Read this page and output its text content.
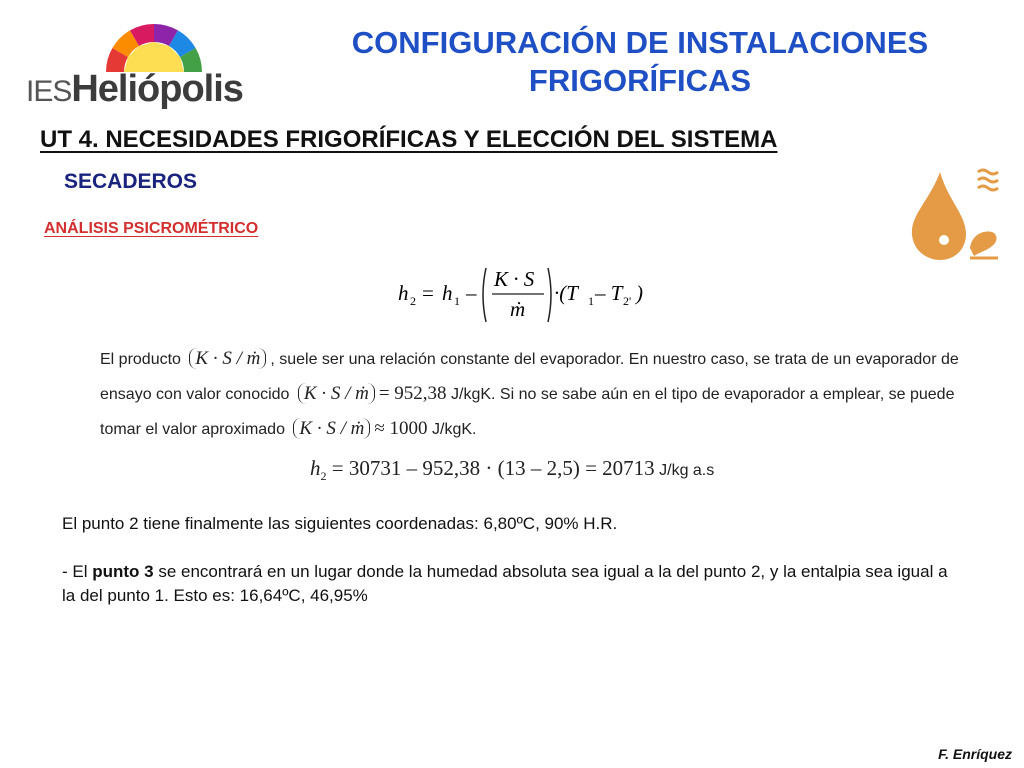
IESHeliópolis
CONFIGURACIÓN DE INSTALACIONES
FRIGORÍFICAS
UT 4. NECESIDADES FRIGORÍFICAS Y ELECCIÓN DEL SISTEMA
SECADEROS
ANÁLISIS PSICROMÉTRICO
h 2 = h 1 –
K · S
ṁ
·(T 1 – T 2' )
El producto K · S / ṁ , suele ser una relación constante del evaporador. En nuestro caso, se trata de un evaporador de ensayo con valor conocido K · S / ṁ = 952,38 J/kgK. Si no se sabe aún en el tipo de evaporador a emplear, se puede tomar el valor aproximado K · S / ṁ ≈ 1000 J/kgK.
$h_2 = 30731 - 952,38 \cdot (13 - 2,5) = 20713$ J/kg a.s
El punto 2 tiene finalmente las siguientes coordenadas: 6,80ºC, 90% H.R.
- El punto 3 se encontrará en un lugar donde la humedad absoluta sea igual a la del punto 2, y la entalpia sea igual a la del punto 1. Esto es: 16,64ºC, 46,95%
F. Enríquez
